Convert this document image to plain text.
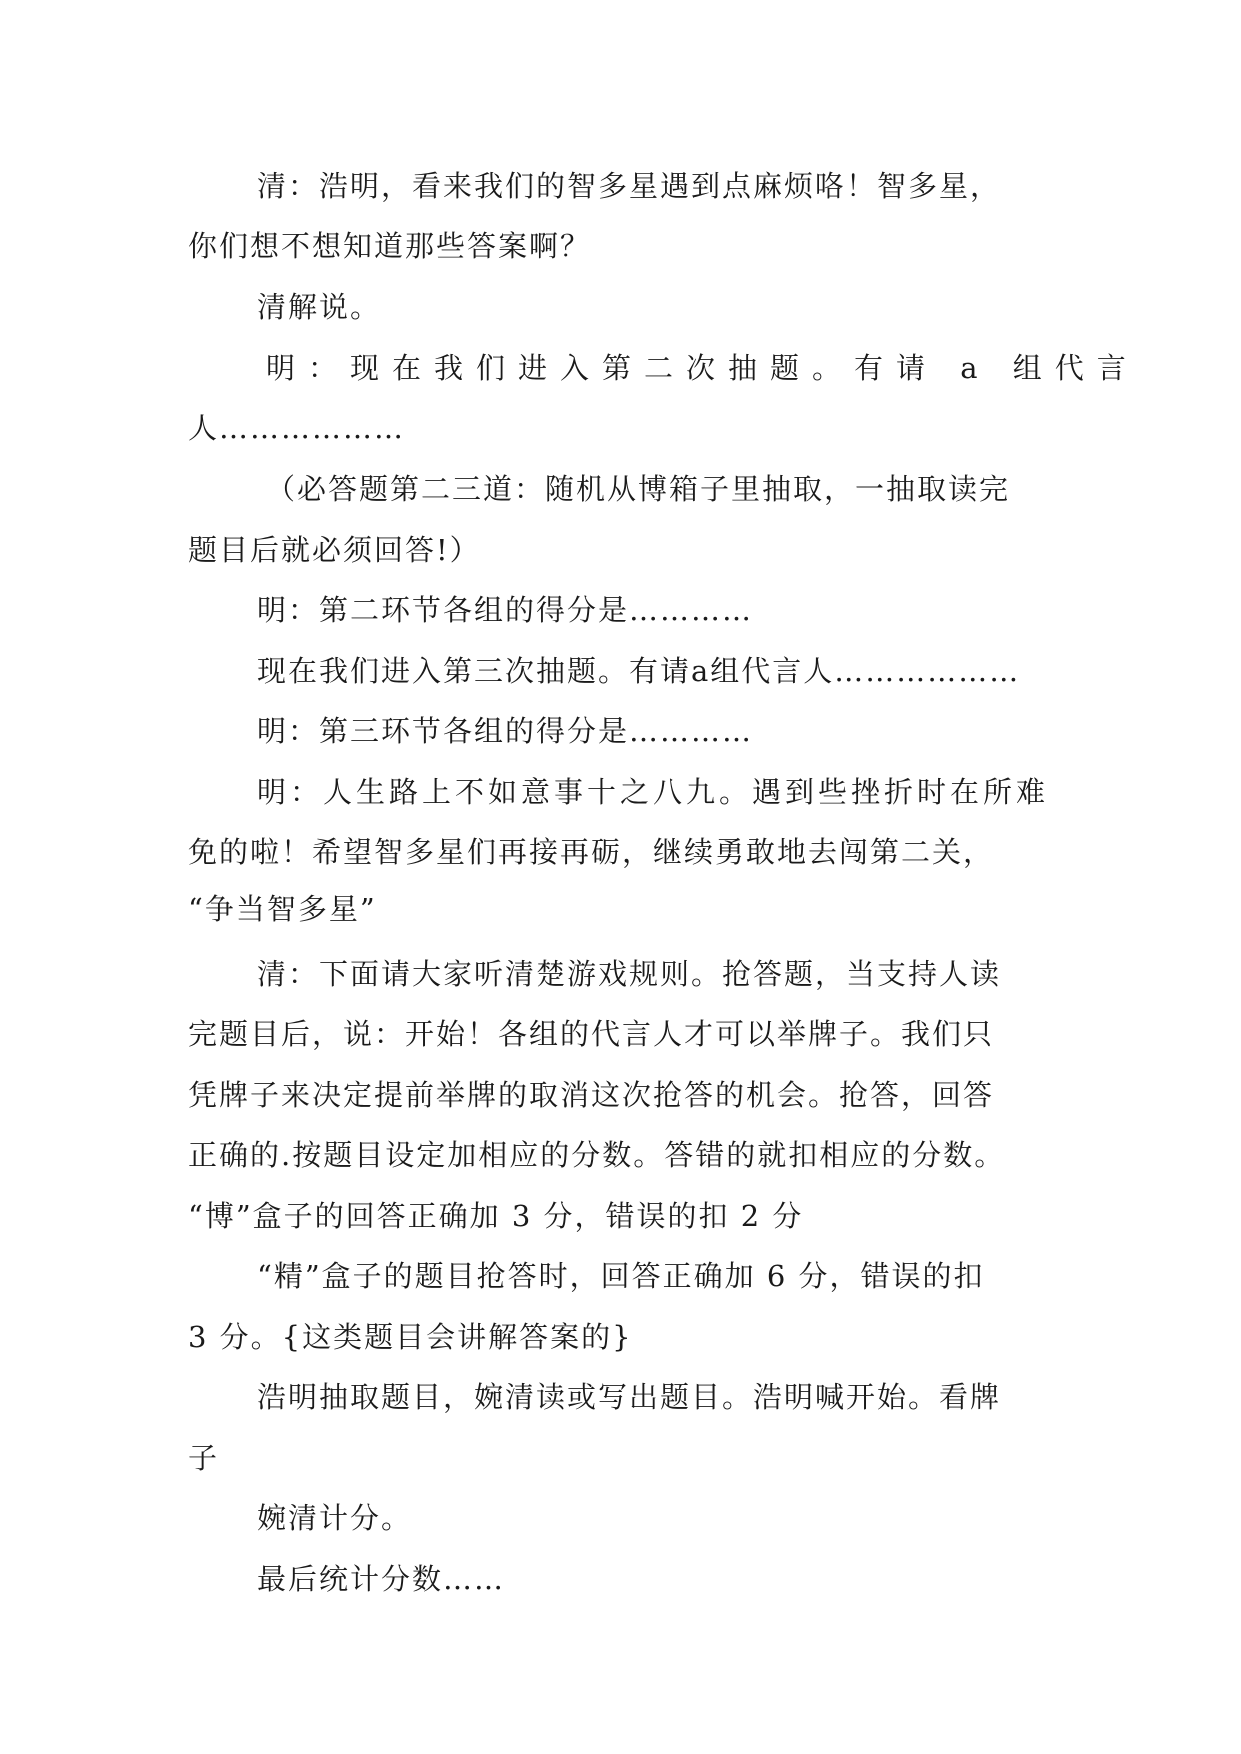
清：浩明，看来我们的智多星遇到点麻烦咯！智多星，
你们想不想知道那些答案啊？
清解说。
明：现在我们进入第二次抽题。有请 a 组代言
人………………
（必答题第二三道：随机从博箱子里抽取，一抽取读完
题目后就必须回答!）
明：第二环节各组的得分是…………
现在我们进入第三次抽题。有请a组代言人………………
明：第三环节各组的得分是…………
明：人生路上不如意事十之八九。遇到些挫折时在所难
免的啦！希望智多星们再接再砺，继续勇敢地去闯第二关，
“争当智多星”
清：下面请大家听清楚游戏规则。抢答题，当支持人读
完题目后，说：开始！各组的代言人才可以举牌子。我们只
凭牌子来决定提前举牌的取消这次抢答的机会。抢答，回答
正确的.按题目设定加相应的分数。答错的就扣相应的分数。
“博”盒子的回答正确加 3 分，错误的扣 2 分
“精”盒子的题目抢答时，回答正确加 6 分，错误的扣
3 分。{这类题目会讲解答案的}
浩明抽取题目，婉清读或写出题目。浩明喊开始。看牌
子
婉清计分。
最后统计分数……
